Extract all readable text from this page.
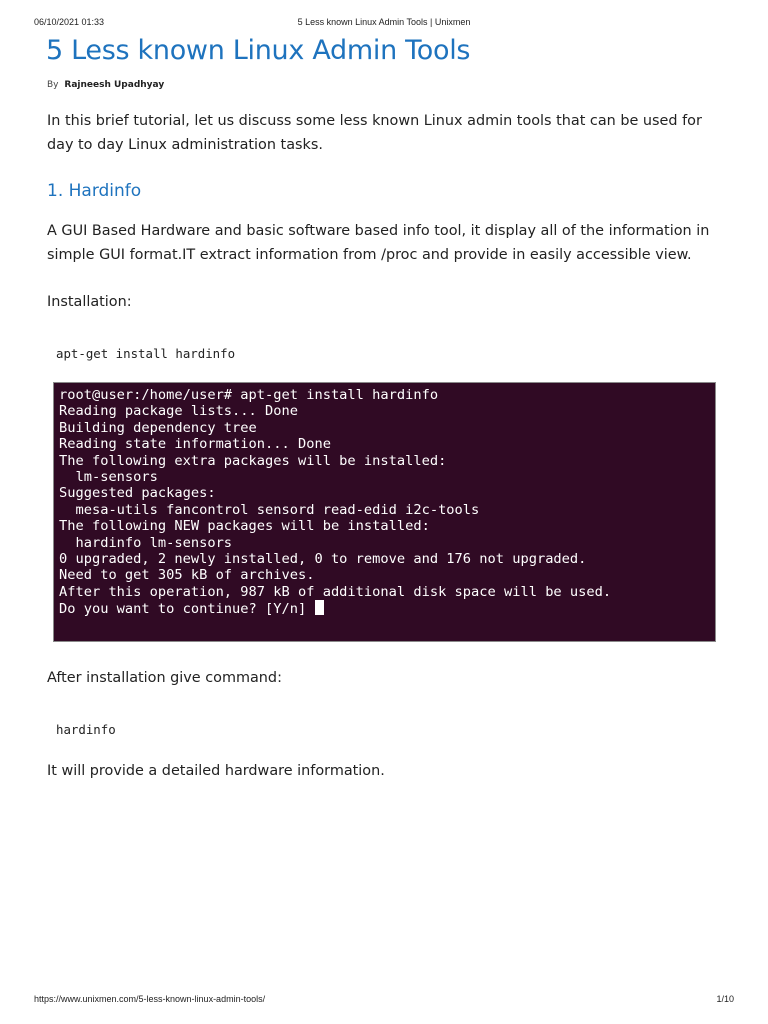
06/10/2021 01:33	5 Less known Linux Admin Tools | Unixmen
5 Less known Linux Admin Tools
By Rajneesh Upadhyay

In this brief tutorial, let us discuss some less known Linux admin tools that can be used for day to day Linux administration tasks.

1. Hardinfo

A GUI Based Hardware and basic software based info tool, it display all of the information in simple GUI format.IT extract information from /proc and provide in easily accessible view.

Installation:

apt-get install hardinfo
root@user:/home/user# apt-get install hardinfo
Reading package lists... Done
Building dependency tree
Reading state information... Done
The following extra packages will be installed:
lm-sensors
Suggested packages:
mesa-utils fancontrol sensord read-edid i2c-tools
The following NEW packages will be installed:
hardinfo lm-sensors
0 upgraded, 2 newly installed, 0 to remove and 176 not upgraded.
Need to get 305 kB of archives.
After this operation, 987 kB of additional disk space will be used.
Do you want to continue? [Y/n]

After installation give command:

hardinfo

It will provide a detailed hardware information.

https://www.unixmen.com/5-less-known-linux-admin-tools/	1/10
